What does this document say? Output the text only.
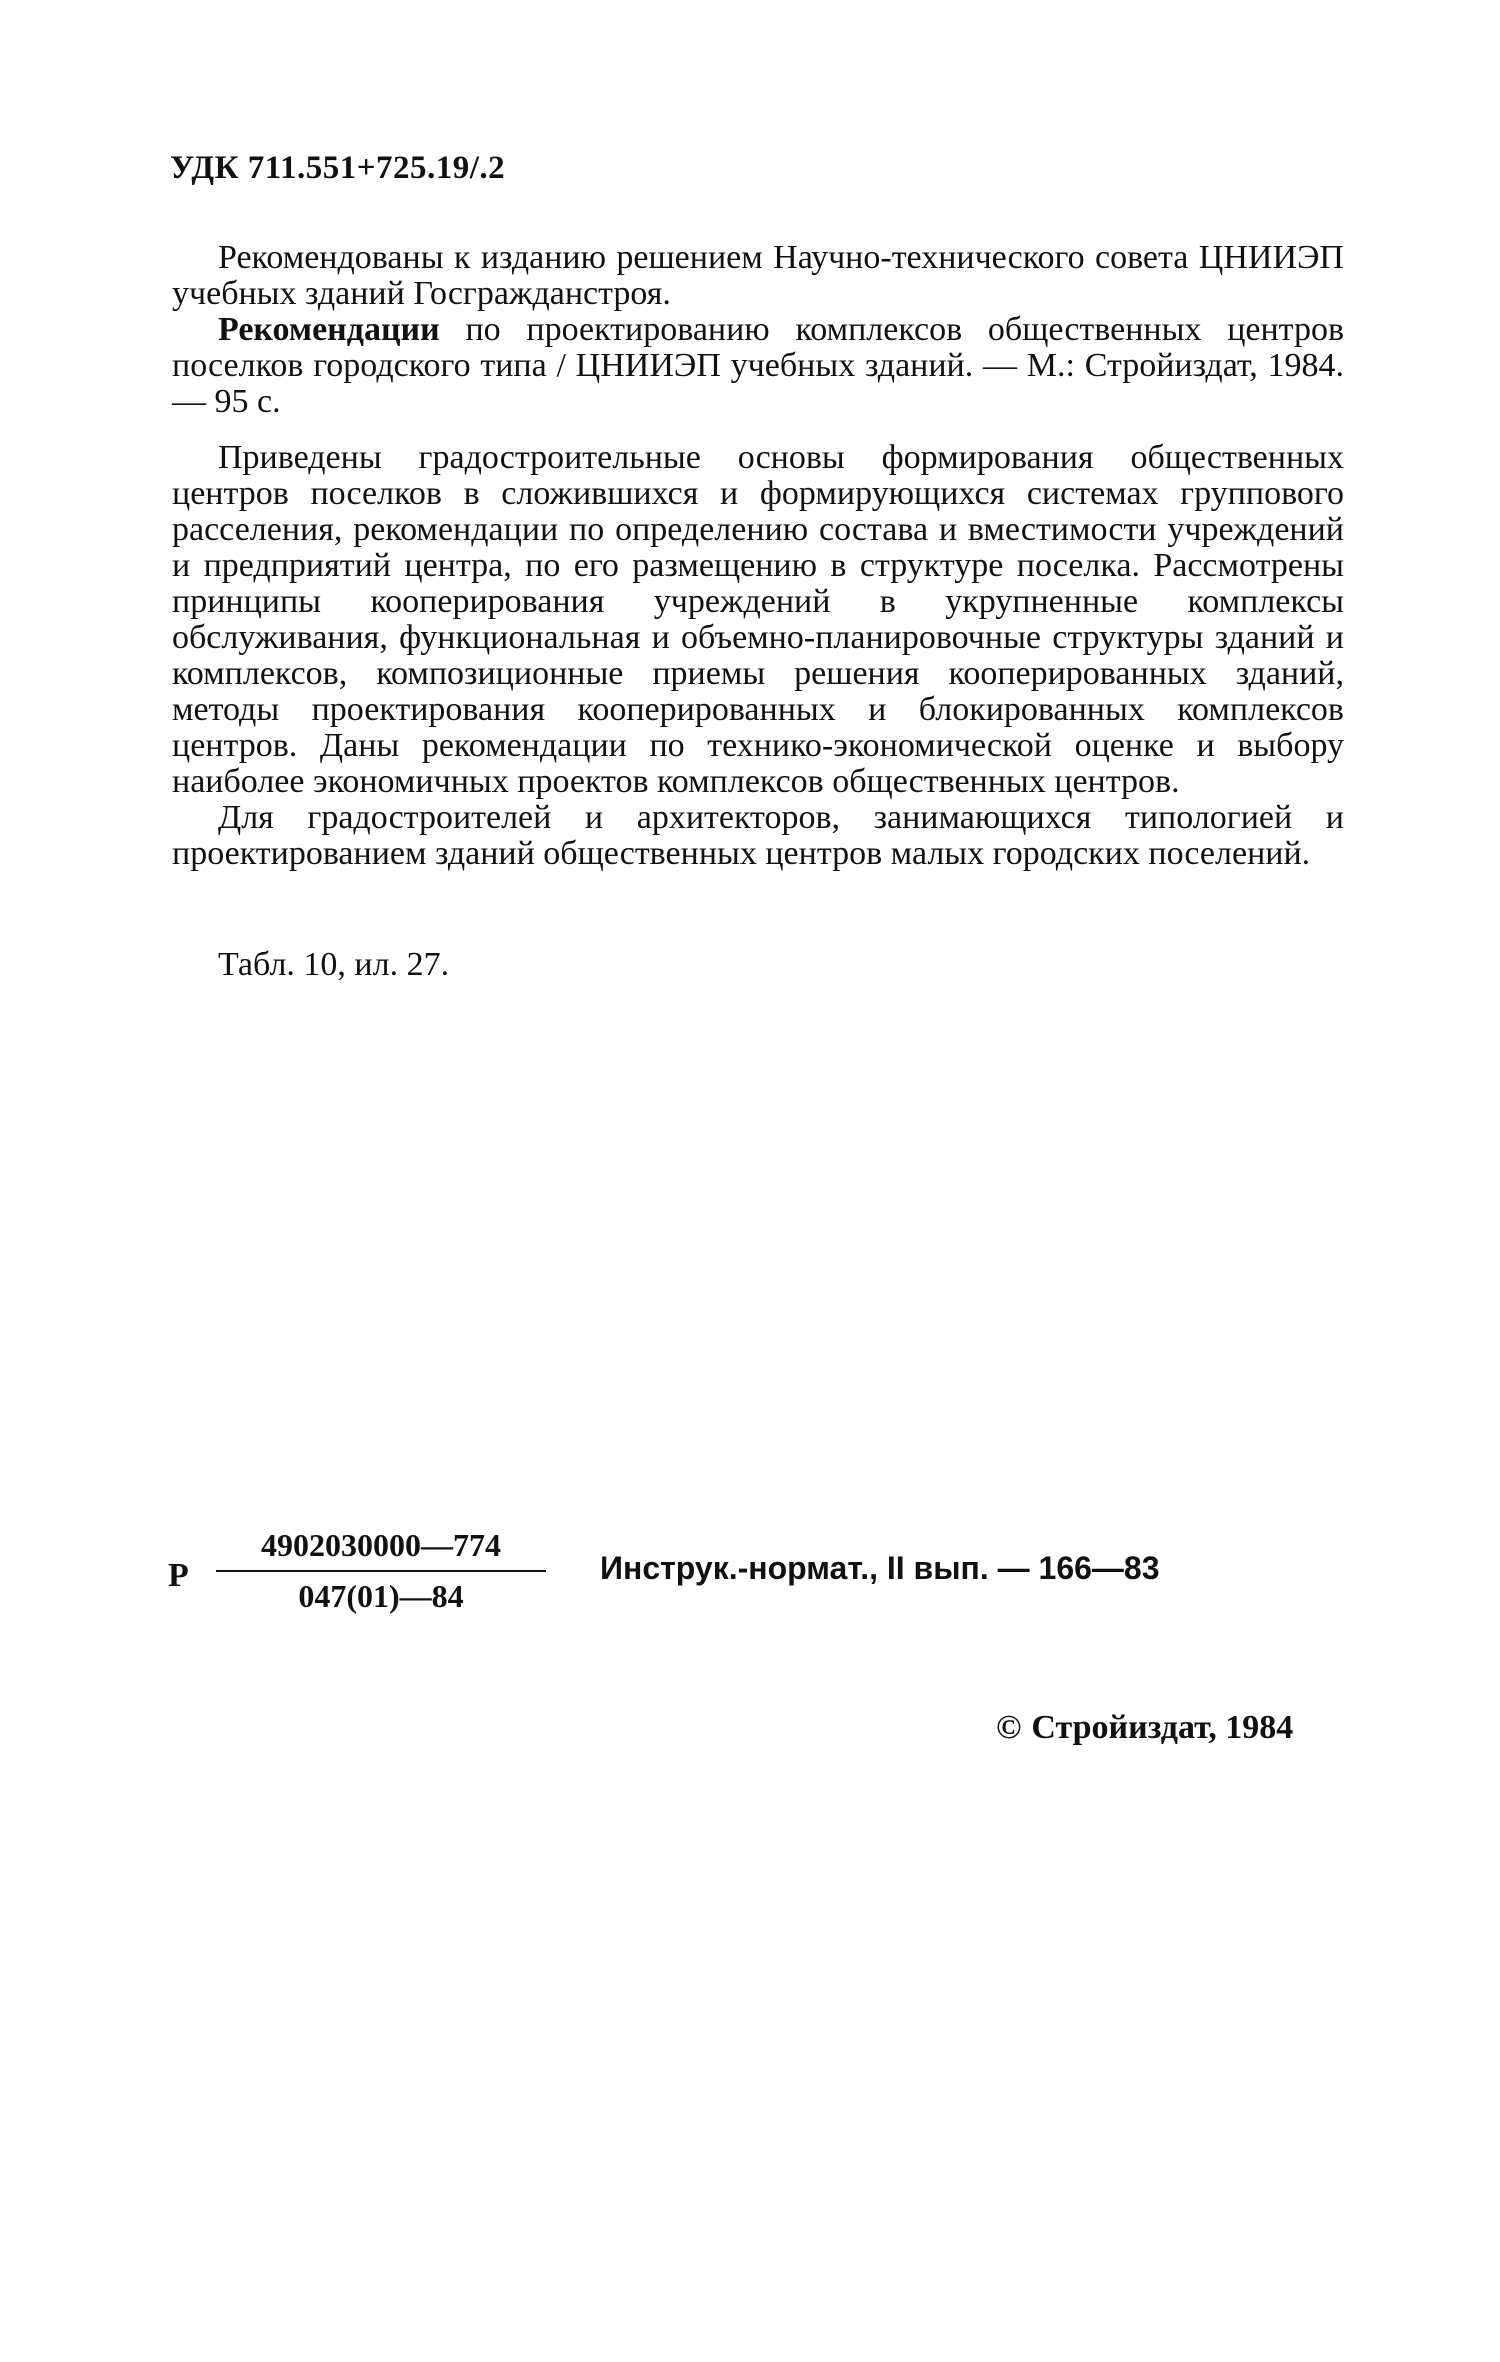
УДК 711.551+725.19/.2

Рекомендованы к изданию решением Научно-технического совета ЦНИИЭП учебных зданий Госгражданстроя.

Рекомендации по проектированию комплексов общественных центров поселков городского типа / ЦНИИЭП учебных зданий. — М.: Стройиздат, 1984.— 95 с.

Приведены градостроительные основы формирования общественных центров поселков в сложившихся и формирующихся системах группового расселения, рекомендации по определению состава и вместимости учреждений и предприятий центра, по его размещению в структуре поселка. Рассмотрены принципы кооперирования учреждений в укрупненные комплексы обслуживания, функциональная и объемно-планировочные структуры зданий и комплексов, композиционные приемы решения кооперированных зданий, методы проектирования кооперированных и блокированных комплексов центров. Даны рекомендации по технико-экономической оценке и выбору наиболее экономичных проектов комплексов общественных центров.

Для градостроителей и архитекторов, занимающихся типологией и проектированием зданий общественных центров малых городских поселений.

Табл. 10, ил. 27.
Р $\frac{4902030000—774}{047(01)—84}$ Инструк.-нормат., II вып. — 166—83
© Стройиздат, 1984
